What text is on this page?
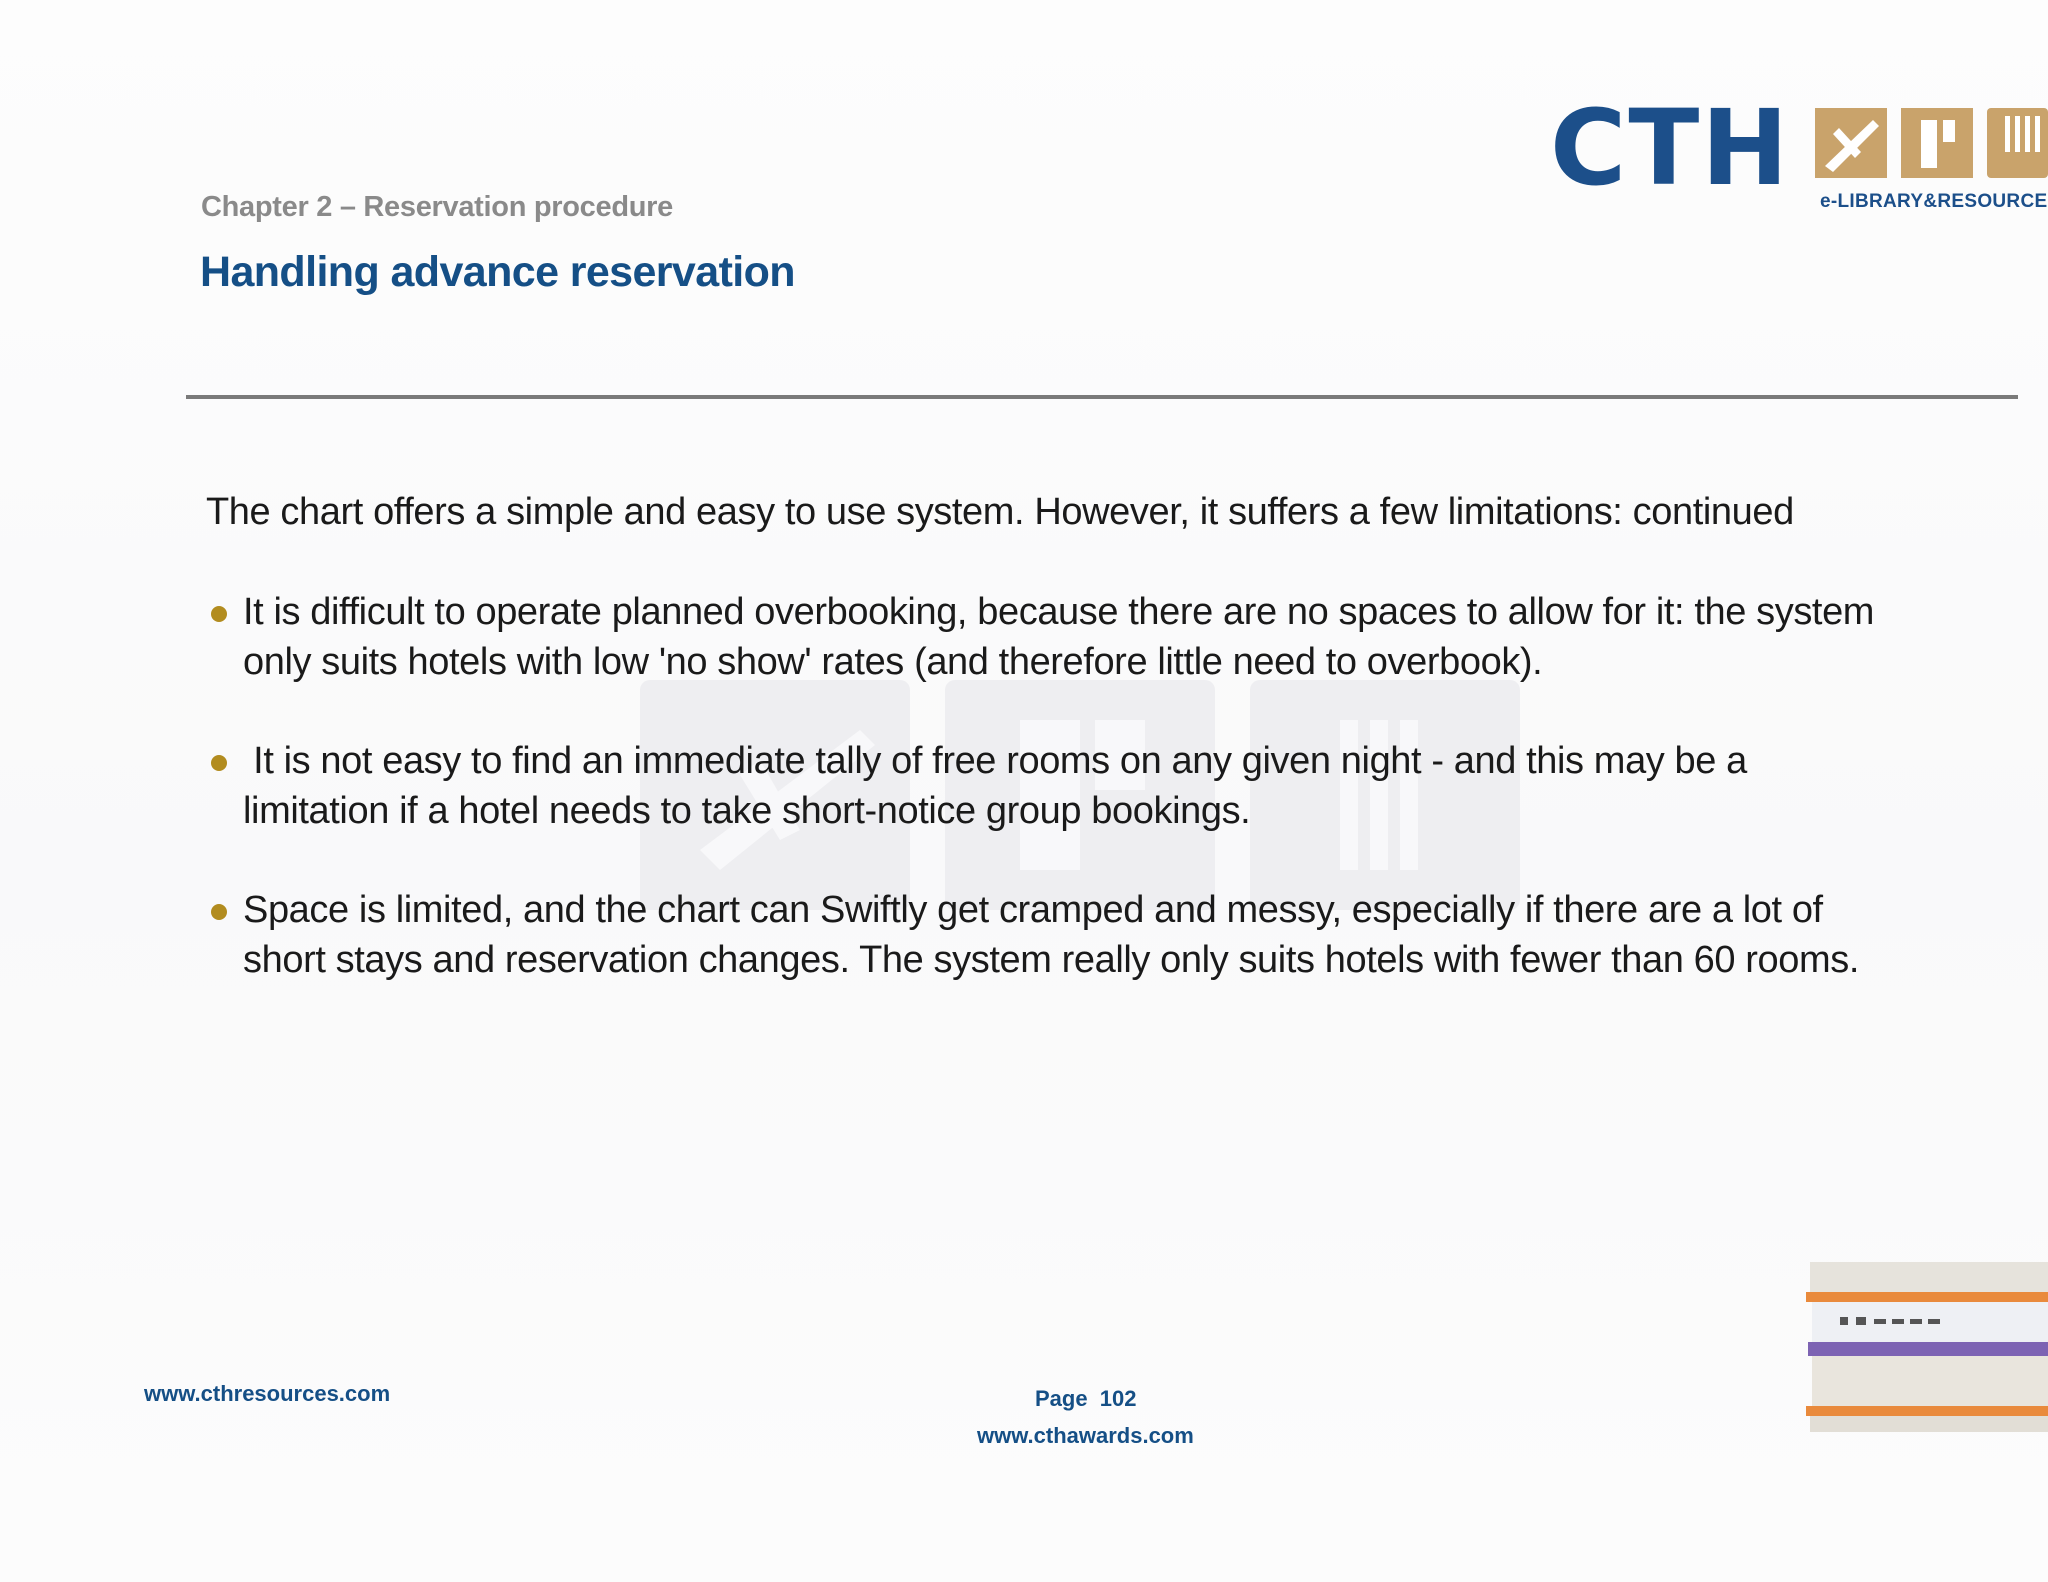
CTH e-LIBRARY&RESOURCE
Chapter 2 – Reservation procedure
Handling advance reservation
The chart offers a simple and easy to use system. However, it suffers a few limitations: continued
It is difficult to operate planned overbooking, because there are no spaces to allow for it: the system
only suits hotels with low 'no show' rates (and therefore little need to overbook).
It is not easy to find an immediate tally of free rooms on any given night - and this may be a
limitation if a hotel needs to take short-notice group bookings.
Space is limited, and the chart can Swiftly get cramped and messy, especially if there are a lot of
short stays and reservation changes. The system really only suits hotels with fewer than 60 rooms.
www.cthresources.com	Page  102
www.cthawards.com
